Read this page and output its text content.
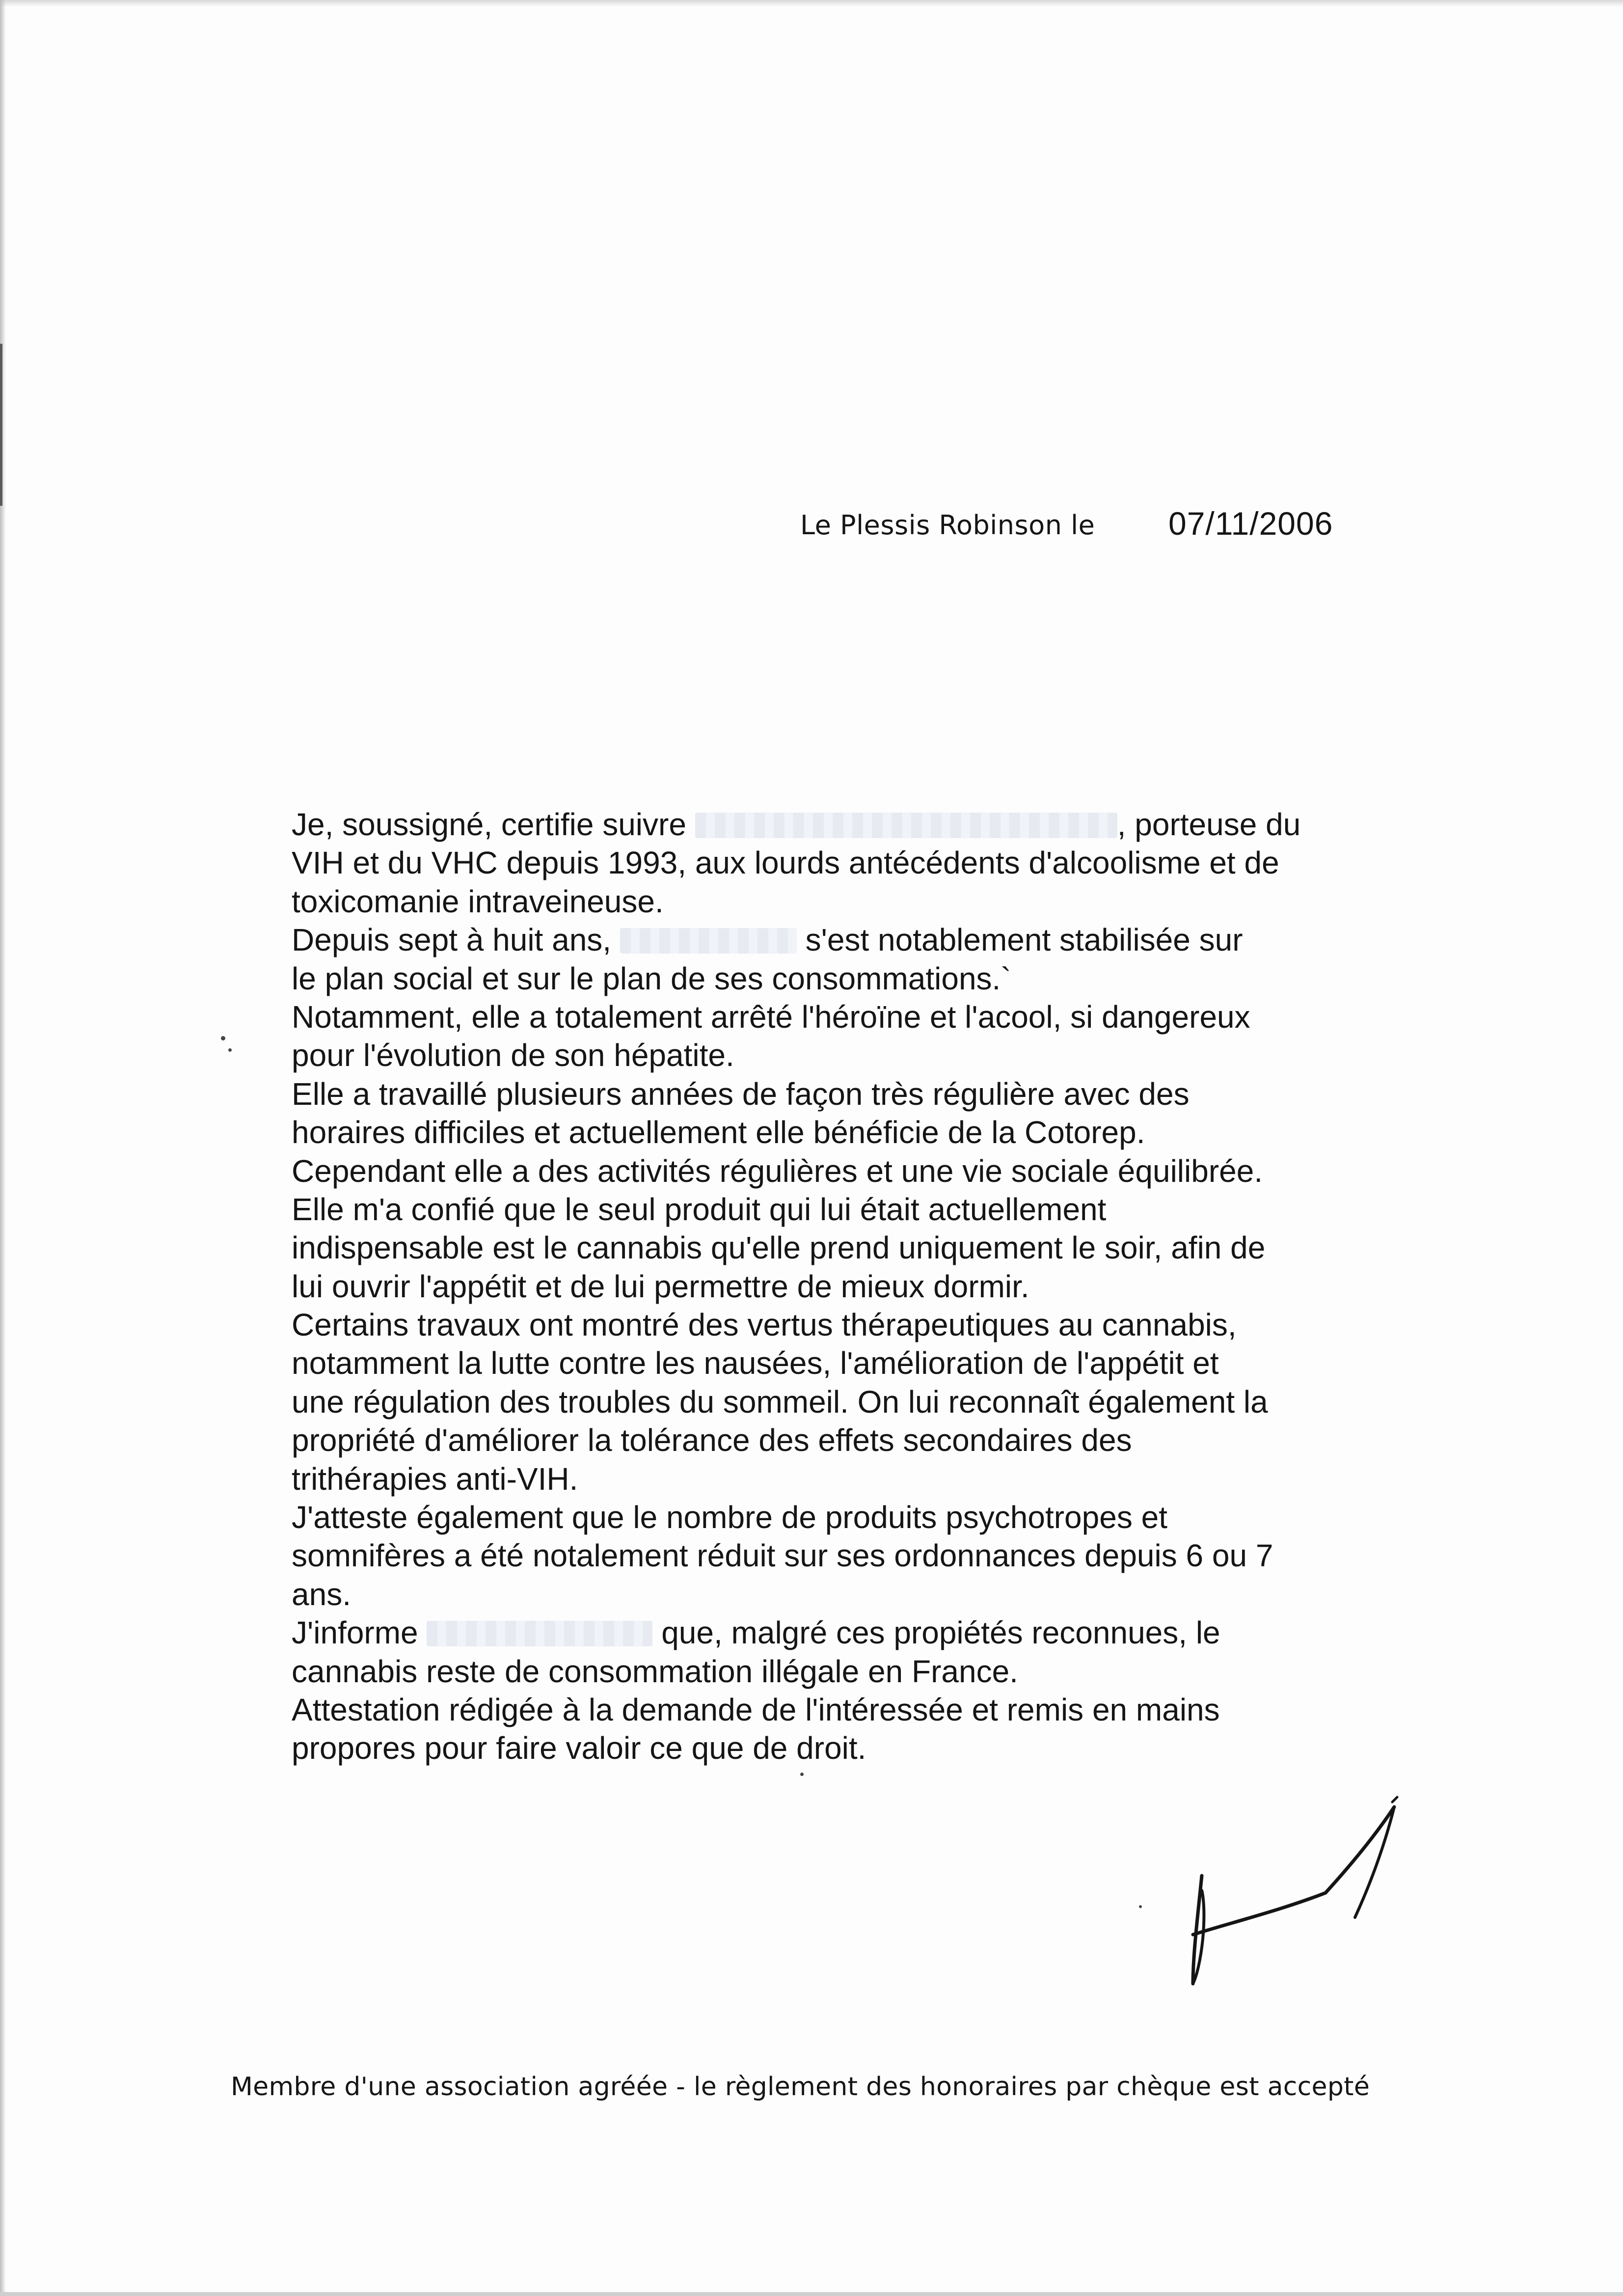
Le Plessis Robinson le 07/11/2006
Je, soussigné, certifie suivre	, porteuse du
VIH et du VHC depuis 1993, aux lourds antécédents d'alcoolisme et de
toxicomanie intraveineuse.
Depuis sept à huit ans,	s'est notablement stabilisée sur
le plan social et sur le plan de ses consommations.`
Notamment, elle a totalement arrêté l'héroïne et l'acool, si dangereux
pour l'évolution de son hépatite.
Elle a travaillé plusieurs années de façon très régulière avec des
horaires difficiles et actuellement elle bénéficie de la Cotorep.
Cependant elle a des activités régulières et une vie sociale équilibrée.
Elle m'a confié que le seul produit qui lui était actuellement
indispensable est le cannabis qu'elle prend uniquement le soir, afin de
lui ouvrir l'appétit et de lui permettre de mieux dormir.
Certains travaux ont montré des vertus thérapeutiques au cannabis,
notamment la lutte contre les nausées, l'amélioration de l'appétit et
une régulation des troubles du sommeil. On lui reconnaît également la
propriété d'améliorer la tolérance des effets secondaires des
trithérapies anti-VIH.
J'atteste également que le nombre de produits psychotropes et
somnifères a été notalement réduit sur ses ordonnances depuis 6 ou 7
ans.
J'informe	que, malgré ces propiétés reconnues, le
cannabis reste de consommation illégale en France.
Attestation rédigée à la demande de l'intéressée et remis en mains
propores pour faire valoir ce que de droit.
Membre d'une association agréée - le règlement des honoraires par chèque est accepté
